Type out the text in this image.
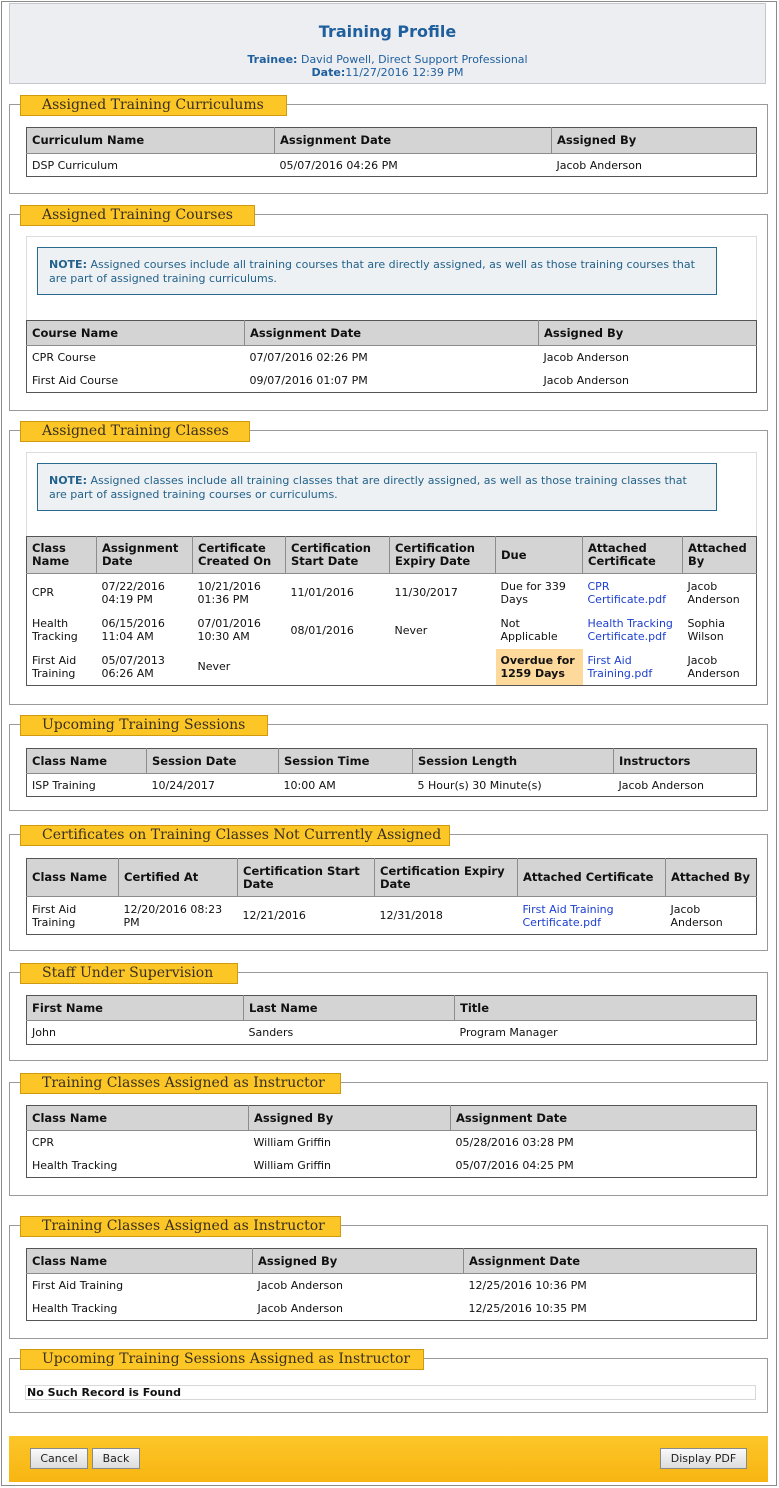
Training Profile
Trainee: David Powell, Direct Support Professional
Date:11/27/2016 12:39 PM
Assigned Training Curriculums
Curriculum Name	Assignment Date	Assigned By
DSP Curriculum	05/07/2016 04:26 PM	Jacob Anderson
Assigned Training Courses
NOTE: Assigned courses include all training courses that are directly assigned, as well as those training courses that are part of assigned training curriculums.
Course Name	Assignment Date	Assigned By
CPR Course	07/07/2016 02:26 PM	Jacob Anderson
First Aid Course	09/07/2016 01:07 PM	Jacob Anderson
Assigned Training Classes
NOTE: Assigned classes include all training classes that are directly assigned, as well as those training classes that are part of assigned training courses or curriculums.
Class Name	Assignment Date	Certificate Created On	Certification Start Date	Certification Expiry Date	Due	Attached Certificate	Attached By
CPR	07/22/2016 04:19 PM	10/21/2016 01:36 PM	11/01/2016	11/30/2017	Due for 339 Days	CPR Certificate.pdf	Jacob Anderson
Health Tracking	06/15/2016 11:04 AM	07/01/2016 10:30 AM	08/01/2016	Never	Not Applicable	Health Tracking Certificate.pdf	Sophia Wilson
First Aid Training	05/07/2013 06:26 AM	Never			Overdue for 1259 Days	First Aid Training.pdf	Jacob Anderson
Upcoming Training Sessions
Class Name	Session Date	Session Time	Session Length	Instructors
ISP Training	10/24/2017	10:00 AM	5 Hour(s) 30 Minute(s)	Jacob Anderson
Certificates on Training Classes Not Currently Assigned
Class Name	Certified At	Certification Start Date	Certification Expiry Date	Attached Certificate	Attached By
First Aid Training	12/20/2016 08:23 PM	12/21/2016	12/31/2018	First Aid Training Certificate.pdf	Jacob Anderson
Staff Under Supervision
First Name	Last Name	Title
John	Sanders	Program Manager
Training Classes Assigned as Instructor
Class Name	Assigned By	Assignment Date
CPR	William Griffin	05/28/2016 03:28 PM
Health Tracking	William Griffin	05/07/2016 04:25 PM
Training Classes Assigned as Instructor
Class Name	Assigned By	Assignment Date
First Aid Training	Jacob Anderson	12/25/2016 10:36 PM
Health Tracking	Jacob Anderson	12/25/2016 10:35 PM
Upcoming Training Sessions Assigned as Instructor
No Such Record is Found
Cancel	Back	Display PDF
